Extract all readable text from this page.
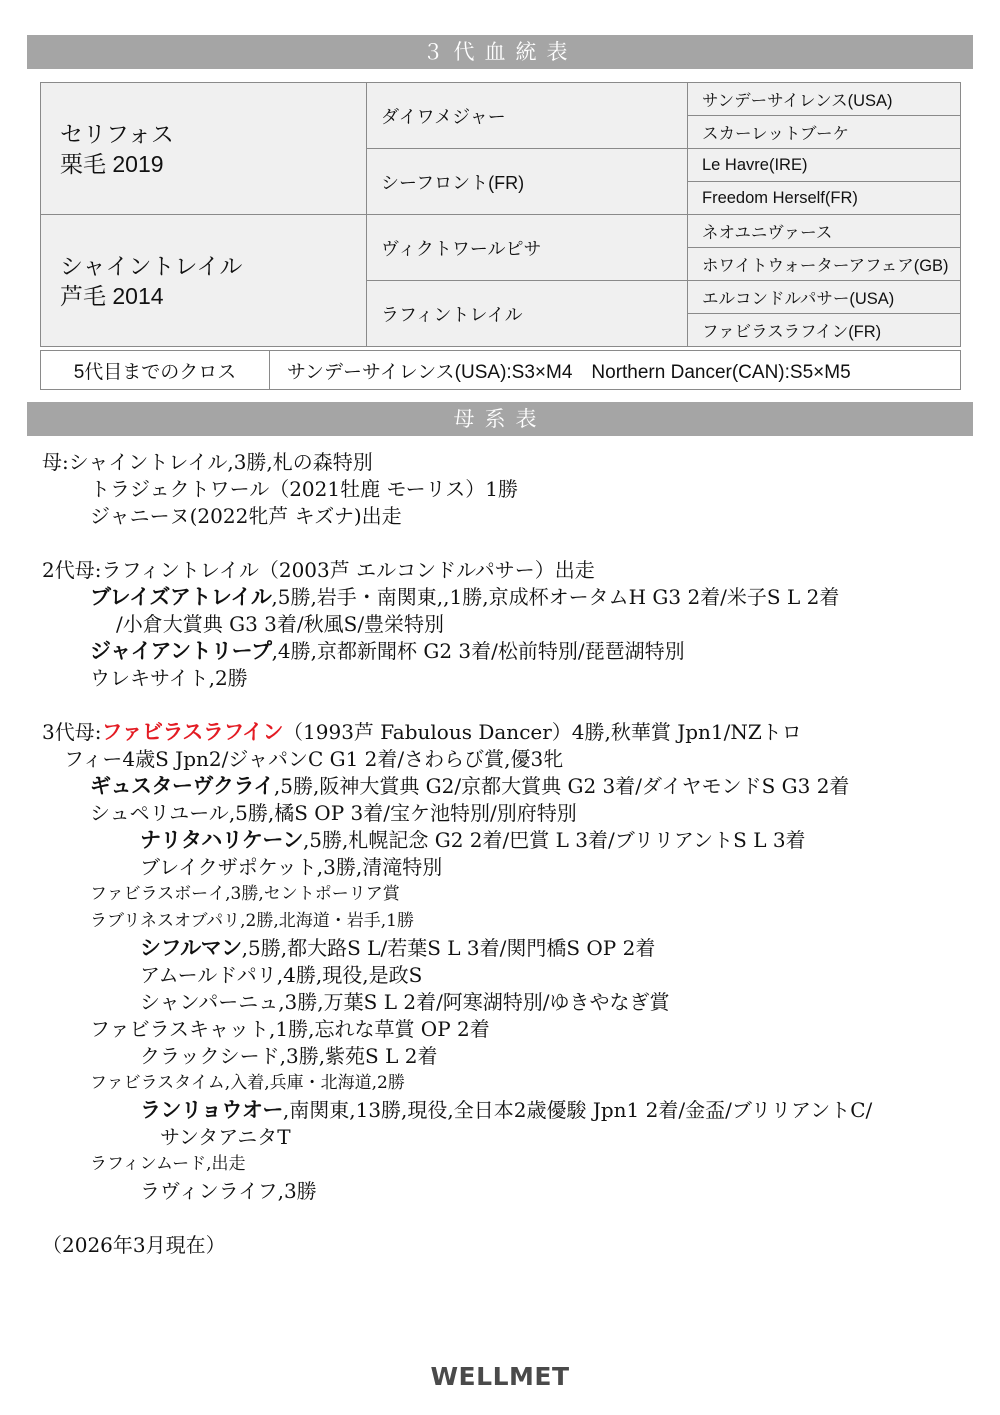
３代血統表
セリフォス
栗毛 2019	ダイワメジャー	サンデーサイレンス(USA)
		スカーレットブーケ
	シーフロント(FR)	Le Havre(IRE)
		Freedom Herself(FR)

シャイントレイル
芦毛 2014	ヴィクトワールピサ	ネオユニヴァース
		ホワイトウォーターアフェア(GB)
	ラフィントレイル	エルコンドルパサー(USA)
		ファビラスラフイン(FR)
5代目までのクロス	サンデーサイレンス(USA):S3×M4　Northern Dancer(CAN):S5×M5
母系表
母:シャイントレイル,3勝,札の森特別
トラジェクトワール（2021牡鹿 モーリス）1勝
ジャニーヌ(2022牝芦 キズナ)出走
2代母:ラフィントレイル（2003芦 エルコンドルパサー）出走
ブレイズアトレイル,5勝,岩手・南関東,,1勝,京成杯オータムH G3 2着/米子S L 2着
/小倉大賞典 G3 3着/秋風S/豊栄特別
ジャイアントリープ,4勝,京都新聞杯 G2 3着/松前特別/琵琶湖特別
ウレキサイト,2勝
3代母:ファビラスラフイン（1993芦 Fabulous Dancer）4勝,秋華賞 Jpn1/NZトロ
フィー4歳S Jpn2/ジャパンC G1 2着/さわらび賞,優3牝
ギュスターヴクライ,5勝,阪神大賞典 G2/京都大賞典 G2 3着/ダイヤモンドS G3 2着
シュペリユール,5勝,橘S OP 3着/宝ケ池特別/別府特別
ナリタハリケーン,5勝,札幌記念 G2 2着/巴賞 L 3着/ブリリアントS L 3着
ブレイクザポケット,3勝,清滝特別
ファビラスボーイ,3勝,セントポーリア賞
ラブリネスオブパリ,2勝,北海道・岩手,1勝
シフルマン,5勝,都大路S L/若葉S L 3着/関門橋S OP 2着
アムールドパリ,4勝,現役,是政S
シャンパーニュ,3勝,万葉S L 2着/阿寒湖特別/ゆきやなぎ賞
ファビラスキャット,1勝,忘れな草賞 OP 2着
クラックシード,3勝,紫苑S L 2着
ファビラスタイム,入着,兵庫・北海道,2勝
ランリョウオー,南関東,13勝,現役,全日本2歳優駿 Jpn1 2着/金盃/ブリリアントC/
サンタアニタT
ラフィンムード,出走
ラヴィンライフ,3勝
（2026年3月現在）
WELLMET
